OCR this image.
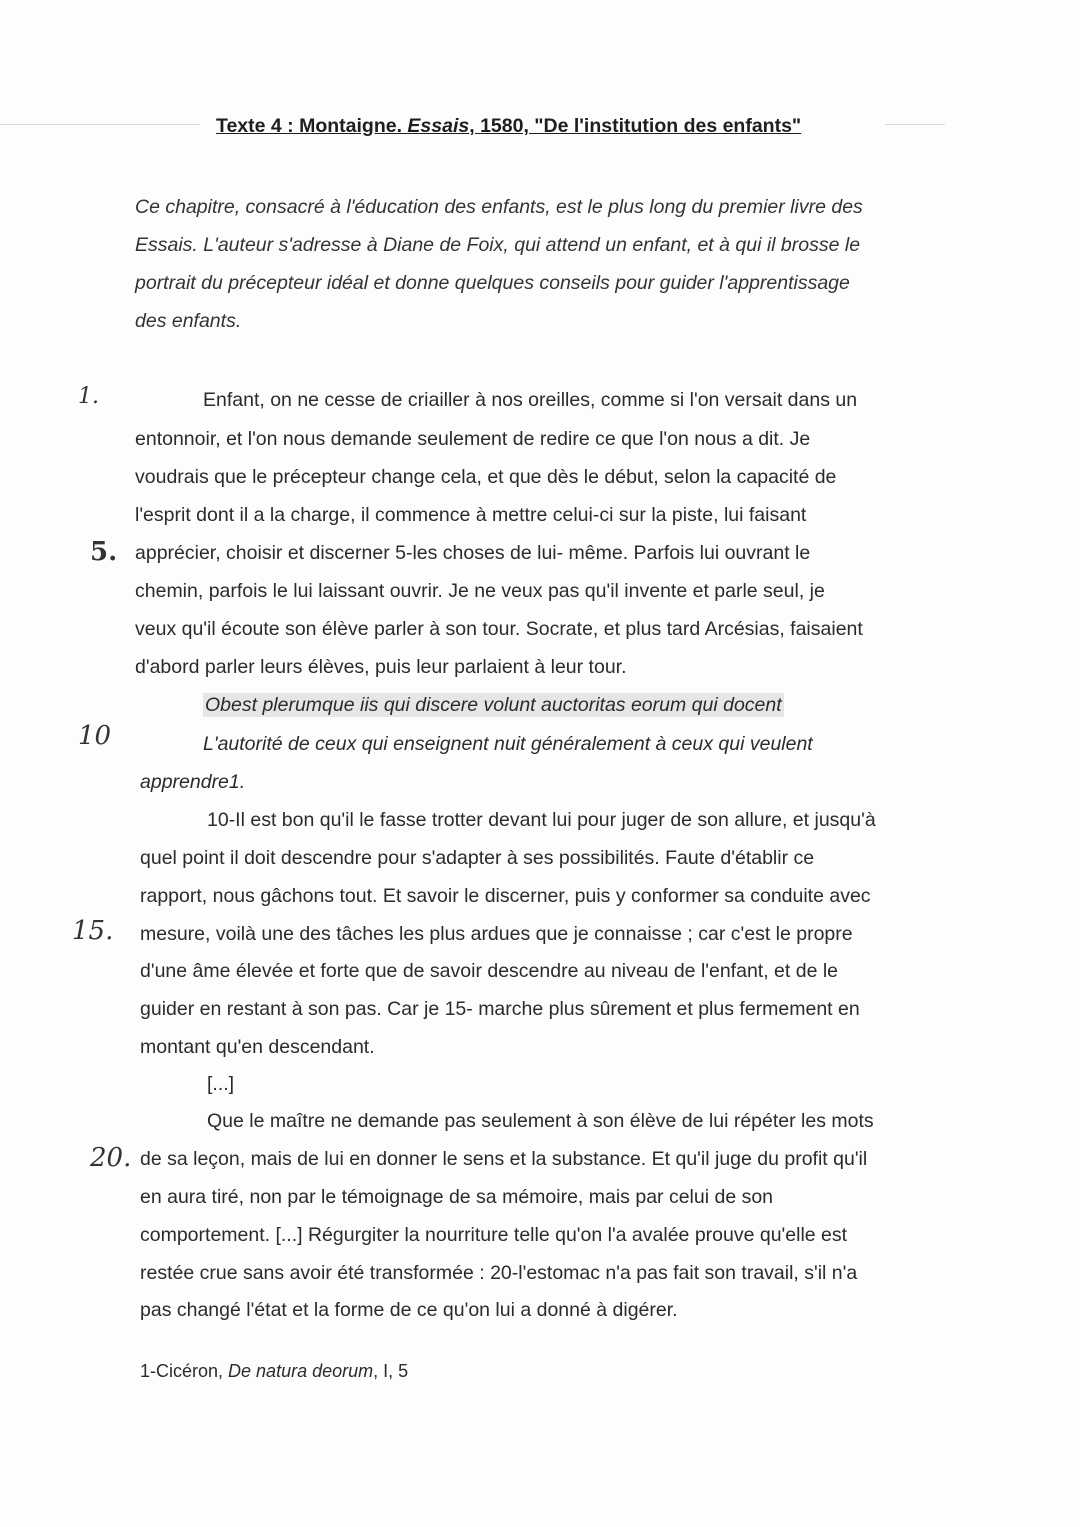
Texte 4 : Montaigne. Essais, 1580, "De l'institution des enfants"
Ce chapitre, consacré à l'éducation des enfants, est le plus long du premier livre des
Essais. L'auteur s'adresse à Diane de Foix, qui attend un enfant, et à qui il brosse le
portrait du précepteur idéal et donne quelques conseils pour guider l'apprentissage
des enfants.
1.
5.
10
15.
20.
Enfant, on ne cesse de criailler à nos oreilles, comme si l'on versait dans un
entonnoir, et l'on nous demande seulement de redire ce que l'on nous a dit. Je
voudrais que le précepteur change cela, et que dès le début, selon la capacité de
l'esprit dont il a la charge, il commence à mettre celui-ci sur la piste, lui faisant
apprécier, choisir et discerner 5-les choses de lui- même. Parfois lui ouvrant le
chemin, parfois le lui laissant ouvrir. Je ne veux pas qu'il invente et parle seul, je
veux qu'il écoute son élève parler à son tour. Socrate, et plus tard Arcésias, faisaient
d'abord parler leurs élèves, puis leur parlaient à leur tour.
Obest plerumque iis qui discere volunt auctoritas eorum qui docent
L'autorité de ceux qui enseignent nuit généralement à ceux qui veulent
apprendre1.
10-Il est bon qu'il le fasse trotter devant lui pour juger de son allure, et jusqu'à
quel point il doit descendre pour s'adapter à ses possibilités. Faute d'établir ce
rapport, nous gâchons tout. Et savoir le discerner, puis y conformer sa conduite avec
mesure, voilà une des tâches les plus ardues que je connaisse ; car c'est le propre
d'une âme élevée et forte que de savoir descendre au niveau de l'enfant, et de le
guider en restant à son pas. Car je 15- marche plus sûrement et plus fermement en
montant qu'en descendant.
[...]
Que le maître ne demande pas seulement à son élève de lui répéter les mots
de sa leçon, mais de lui en donner le sens et la substance. Et qu'il juge du profit qu'il
en aura tiré, non par le témoignage de sa mémoire, mais par celui de son
comportement. [...] Régurgiter la nourriture telle qu'on l'a avalée prouve qu'elle est
restée crue sans avoir été transformée : 20-l'estomac n'a pas fait son travail, s'il n'a
pas changé l'état et la forme de ce qu'on lui a donné à digérer.
1-Cicéron, De natura deorum, I, 5
